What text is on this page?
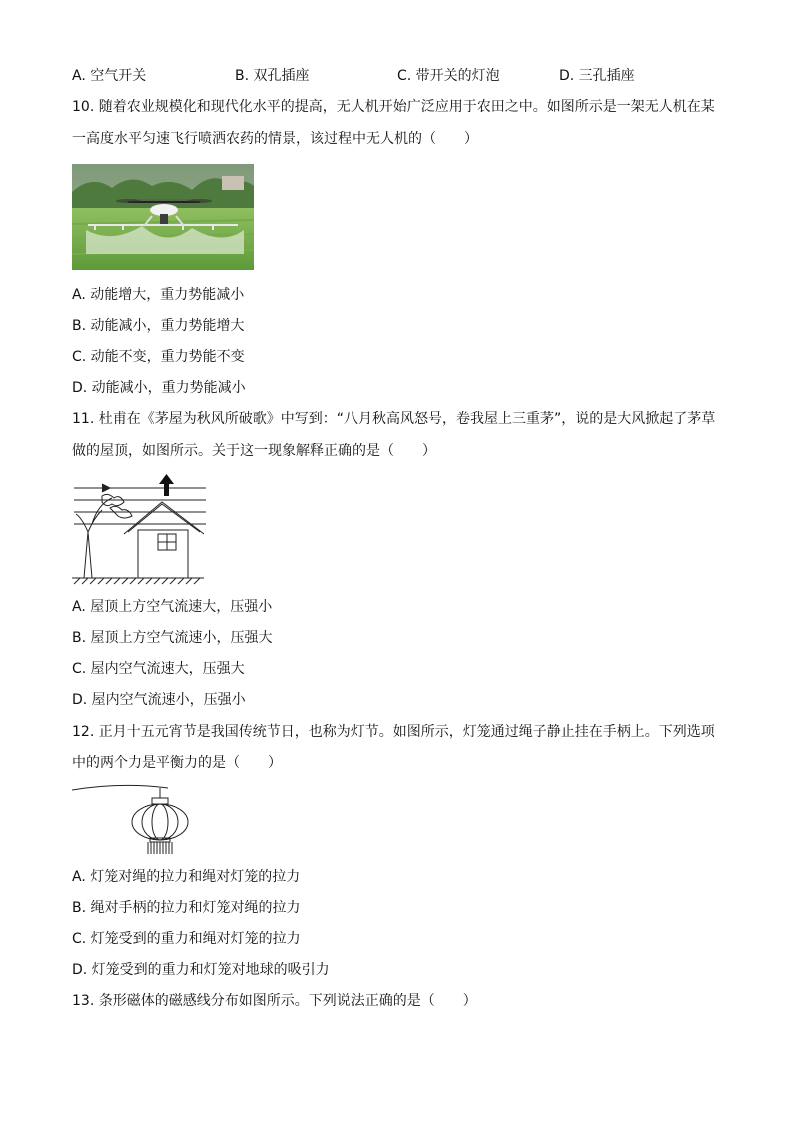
A. 空气开关	B. 双孔插座	C. 带开关的灯泡	D. 三孔插座
10. 随着农业规模化和现代化水平的提高，无人机开始广泛应用于农田之中。如图所示是一架无人机在某
一高度水平匀速飞行喷洒农药的情景，该过程中无人机的（　　）
A. 动能增大，重力势能减小
B. 动能减小，重力势能增大
C. 动能不变，重力势能不变
D. 动能减小，重力势能减小
11. 杜甫在《茅屋为秋风所破歌》中写到：“八月秋高风怒号，卷我屋上三重茅”，说的是大风掀起了茅草
做的屋顶，如图所示。关于这一现象解释正确的是（　　）
A. 屋顶上方空气流速大，压强小
B. 屋顶上方空气流速小，压强大
C. 屋内空气流速大，压强大
D. 屋内空气流速小，压强小
12. 正月十五元宵节是我国传统节日，也称为灯节。如图所示，灯笼通过绳子静止挂在手柄上。下列选项
中的两个力是平衡力的是（　　）
A. 灯笼对绳的拉力和绳对灯笼的拉力
B. 绳对手柄的拉力和灯笼对绳的拉力
C. 灯笼受到的重力和绳对灯笼的拉力
D. 灯笼受到的重力和灯笼对地球的吸引力
13. 条形磁体的磁感线分布如图所示。下列说法正确的是（　　）
